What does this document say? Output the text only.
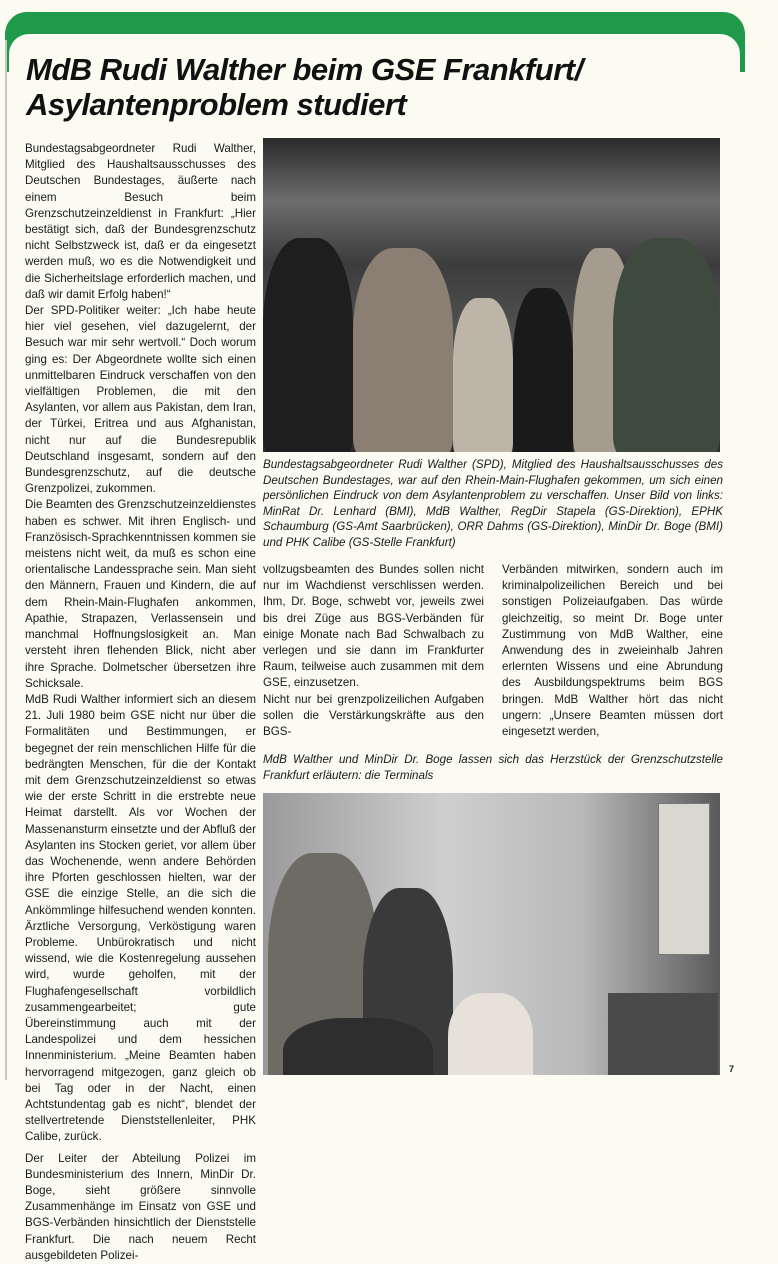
MdB Rudi Walther beim GSE Frankfurt/
Asylantenproblem studiert

Bundestagsabgeordneter Rudi Walther, Mitglied des Haushaltsausschusses des Deutschen Bundestages, äußerte nach einem Besuch beim Grenzschutzeinzeldienst in Frankfurt: „Hier bestätigt sich, daß der Bundesgrenzschutz nicht Selbstzweck ist, daß er da eingesetzt werden muß, wo es die Notwendigkeit und die Sicherheitslage erforderlich machen, und daß wir damit Erfolg haben!“

Der SPD-Politiker weiter: „Ich habe heute hier viel gesehen, viel dazugelernt, der Besuch war mir sehr wertvoll.“ Doch worum ging es: Der Abgeordnete wollte sich einen unmittelbaren Eindruck verschaffen von den vielfältigen Problemen, die mit den Asylanten, vor allem aus Pakistan, dem Iran, der Türkei, Eritrea und aus Afghanistan, nicht nur auf die Bundesrepublik Deutschland insgesamt, sondern auf den Bundesgrenzschutz, auf die deutsche Grenzpolizei, zukommen.

Die Beamten des Grenzschutzeinzeldienstes haben es schwer. Mit ihren Englisch- und Französisch-Sprachkenntnissen kommen sie meistens nicht weit, da muß es schon eine orientalische Landessprache sein. Man sieht den Männern, Frauen und Kindern, die auf dem Rhein-Main-Flughafen ankommen, Apathie, Strapazen, Verlassensein und manchmal Hoffnungslosigkeit an. Man versteht ihren flehenden Blick, nicht aber ihre Sprache. Dolmetscher übersetzen ihre Schicksale.

MdB Rudi Walther informiert sich an diesem 21. Juli 1980 beim GSE nicht nur über die Formalitäten und Bestimmungen, er begegnet der rein menschlichen Hilfe für die bedrängten Menschen, für die der Kontakt mit dem Grenzschutzeinzeldienst so etwas wie der erste Schritt in die erstrebte neue Heimat darstellt. Als vor Wochen der Massenansturm einsetzte und der Abfluß der Asylanten ins Stocken geriet, vor allem über das Wochenende, wenn andere Behörden ihre Pforten geschlossen hielten, war der GSE die einzige Stelle, an die sich die Ankömmlinge hilfesuchend wenden konnten. Ärztliche Versorgung, Verköstigung waren Probleme. Unbürokratisch und nicht wissend, wie die Kostenregelung aussehen wird, wurde geholfen, mit der Flughafengesellschaft vorbildlich zusammengearbeitet; gute Übereinstimmung auch mit der Landespolizei und dem hessichen Innenministerium. „Meine Beamten haben hervorragend mitgezogen, ganz gleich ob bei Tag oder in der Nacht, einen Achtstundentag gab es nicht“, blendet der stellvertretende Dienststellenleiter, PHK Calibe, zurück.

Der Leiter der Abteilung Polizei im Bundesministerium des Innern, MinDir Dr. Boge, sieht größere sinnvolle Zusammenhänge im Einsatz von GSE und BGS-Verbänden hinsichtlich der Dienststelle Frankfurt. Die nach neuem Recht ausgebildeten Polizei-

Bundestagsabgeordneter Rudi Walther (SPD), Mitglied des Haushaltsausschusses des Deutschen Bundestages, war auf den Rhein-Main-Flughafen gekommen, um sich einen persönlichen Eindruck von dem Asylantenproblem zu verschaffen. Unser Bild von links: MinRat Dr. Lenhard (BMI), MdB Walther, RegDir Stapela (GS-Direktion), EPHK Schaumburg (GS-Amt Saarbrücken), ORR Dahms (GS-Direktion), MinDir Dr. Boge (BMI) und PHK Calibe (GS-Stelle Frankfurt)

vollzugsbeamten des Bundes sollen nicht nur im Wachdienst verschlissen werden. Ihm, Dr. Boge, schwebt vor, jeweils zwei bis drei Züge aus BGS-Verbänden für einige Monate nach Bad Schwalbach zu verlegen und sie dann im Frankfurter Raum, teilweise auch zusammen mit dem GSE, einzusetzen.

Nicht nur bei grenzpolizeilichen Aufgaben sollen die Verstärkungskräfte aus den BGS-

Verbänden mitwirken, sondern auch im kriminalpolizeilichen Bereich und bei sonstigen Polizeiaufgaben. Das würde gleichzeitig, so meint Dr. Boge unter Zustimmung von MdB Walther, eine Anwendung des in zweieinhalb Jahren erlernten Wissens und eine Abrundung des Ausbildungspektrums beim BGS bringen. MdB Walther hört das nicht ungern: „Unsere Beamten müssen dort eingesetzt werden,

MdB Walther und MinDir Dr. Boge lassen sich das Herzstück der Grenzschutzstelle Frankfurt erläutern: die Terminals
7
